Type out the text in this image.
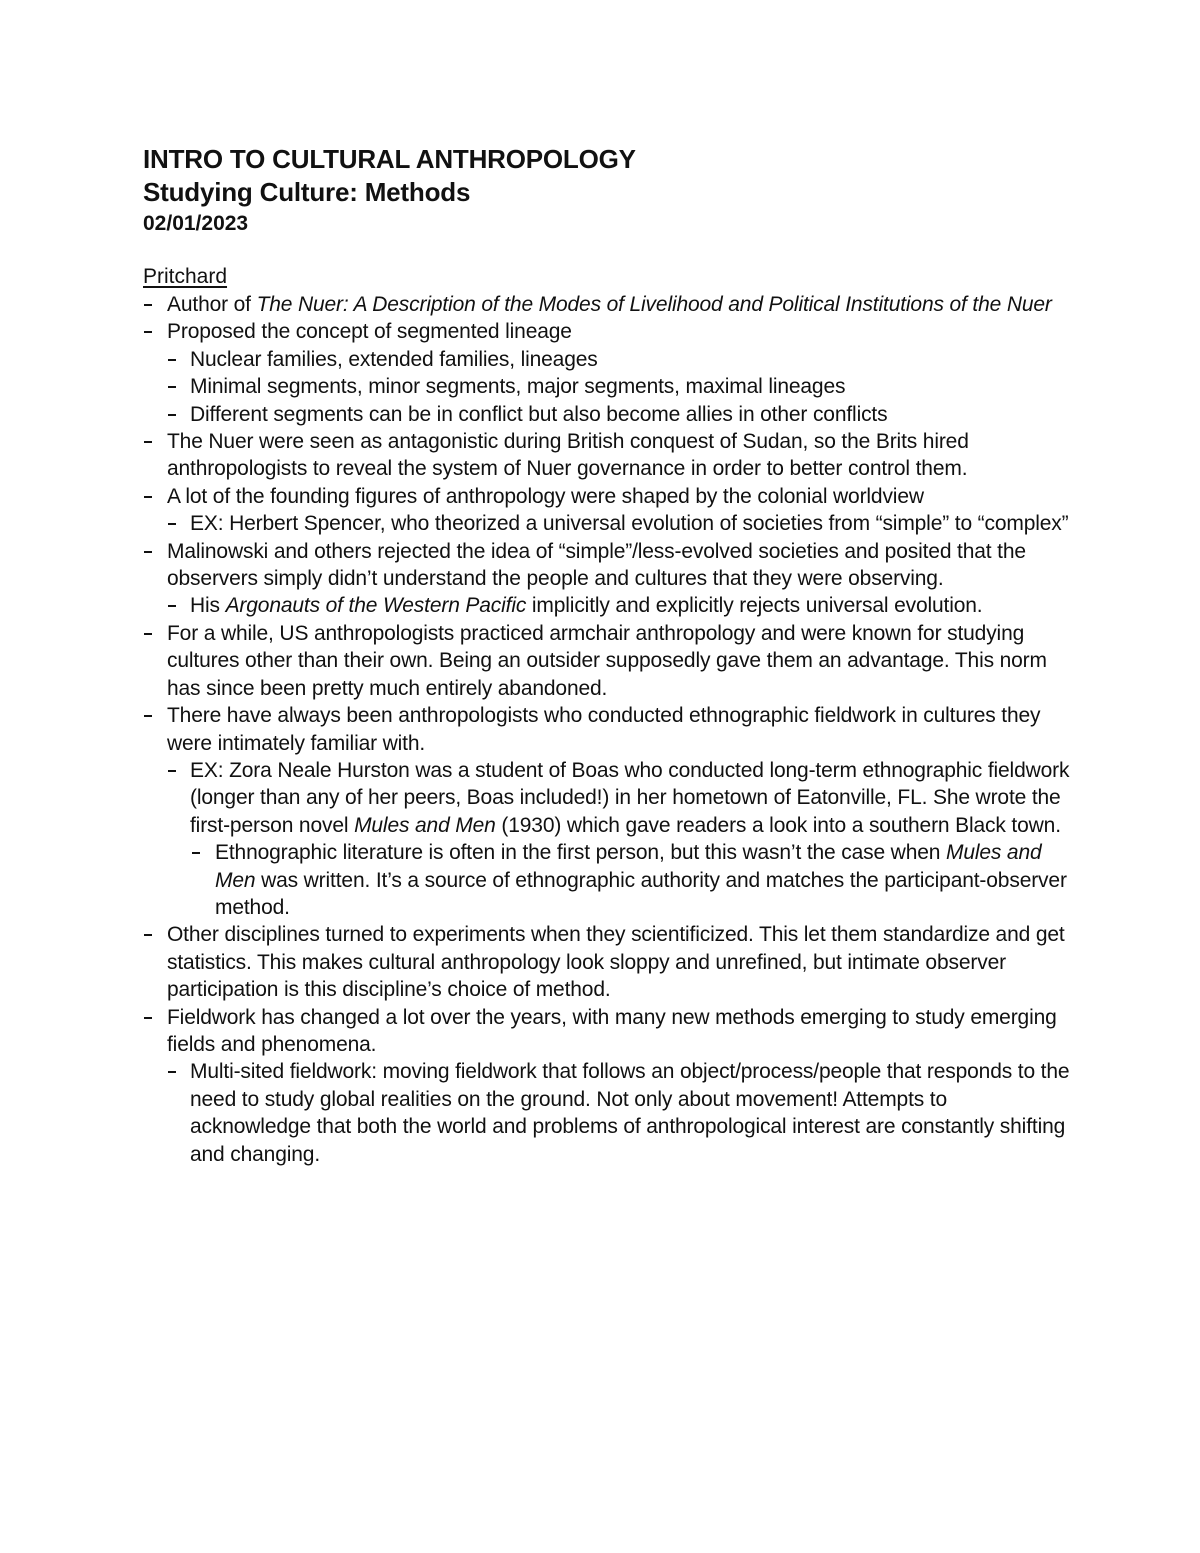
INTRO TO CULTURAL ANTHROPOLOGY
Studying Culture: Methods
02/01/2023
Pritchard
Author of The Nuer: A Description of the Modes of Livelihood and Political Institutions of the Nuer
Proposed the concept of segmented lineage
Nuclear families, extended families, lineages
Minimal segments, minor segments, major segments, maximal lineages
Different segments can be in conflict but also become allies in other conflicts
The Nuer were seen as antagonistic during British conquest of Sudan, so the Brits hired anthropologists to reveal the system of Nuer governance in order to better control them.
A lot of the founding figures of anthropology were shaped by the colonial worldview
EX: Herbert Spencer, who theorized a universal evolution of societies from “simple” to “complex”
Malinowski and others rejected the idea of “simple”/less-evolved societies and posited that the observers simply didn’t understand the people and cultures that they were observing.
His Argonauts of the Western Pacific implicitly and explicitly rejects universal evolution.
For a while, US anthropologists practiced armchair anthropology and were known for studying cultures other than their own. Being an outsider supposedly gave them an advantage. This norm has since been pretty much entirely abandoned.
There have always been anthropologists who conducted ethnographic fieldwork in cultures they were intimately familiar with.
EX: Zora Neale Hurston was a student of Boas who conducted long-term ethnographic fieldwork (longer than any of her peers, Boas included!) in her hometown of Eatonville, FL. She wrote the first-person novel Mules and Men (1930) which gave readers a look into a southern Black town.
Ethnographic literature is often in the first person, but this wasn’t the case when Mules and Men was written. It’s a source of ethnographic authority and matches the participant-observer method.
Other disciplines turned to experiments when they scientificized. This let them standardize and get statistics. This makes cultural anthropology look sloppy and unrefined, but intimate observer participation is this discipline’s choice of method.
Fieldwork has changed a lot over the years, with many new methods emerging to study emerging fields and phenomena.
Multi-sited fieldwork: moving fieldwork that follows an object/process/people that responds to the need to study global realities on the ground. Not only about movement! Attempts to acknowledge that both the world and problems of anthropological interest are constantly shifting and changing.
